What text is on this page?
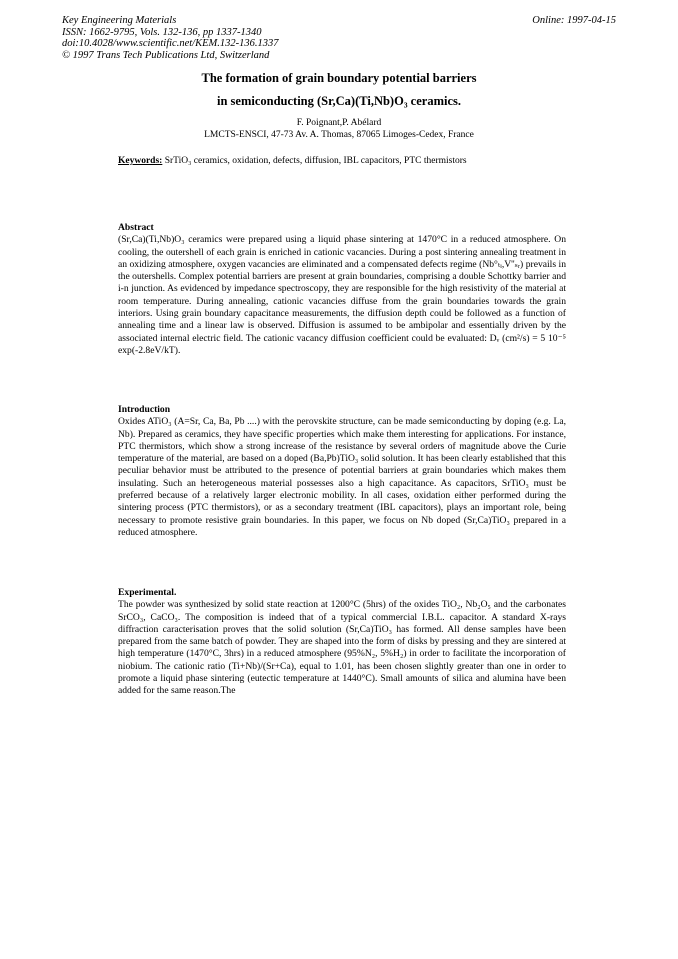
Key Engineering Materials
ISSN: 1662-9795, Vols. 132-136, pp 1337-1340
doi:10.4028/www.scientific.net/KEM.132-136.1337
© 1997 Trans Tech Publications Ltd, Switzerland
Online: 1997-04-15
The formation of grain boundary potential barriers
in semiconducting (Sr,Ca)(Ti,Nb)O₃ ceramics.
F. Poignant,P. Abélard
LMCTS-ENSCI, 47-73 Av. A. Thomas, 87065 Limoges-Cedex, France
Keywords: SrTiO₃ ceramics, oxidation, defects, diffusion, IBL capacitors, PTC thermistors
Abstract

(Sr,Ca)(Ti,Nb)O₃ ceramics were prepared using a liquid phase sintering at 1470°C in a reduced atmosphere. On cooling, the outershell of each grain is enriched in cationic vacancies. During a post sintering annealing treatment in an oxidizing atmosphere, oxygen vacancies are eliminated and a compensated defects regime (Nb°ₜᵢ,V''ₛᵣ) prevails in the outershells. Complex potential barriers are present at grain boundaries, comprising a double Schottky barrier and i-n junction. As evidenced by impedance spectroscopy, they are responsible for the high resistivity of the material at room temperature. During annealing, cationic vacancies diffuse from the grain boundaries towards the grain interiors. Using grain boundary capacitance measurements, the diffusion depth could be followed as a function of annealing time and a linear law is observed. Diffusion is assumed to be ambipolar and essentially driven by the associated internal electric field. The cationic vacancy diffusion coefficient could be evaluated: Dᵥ (cm²/s) = 5 10⁻⁵ exp(-2.8eV/kT).

Introduction

Oxides ATiO₃ (A=Sr, Ca, Ba, Pb ....) with the perovskite structure, can be made semiconducting by doping (e.g. La, Nb). Prepared as ceramics, they have specific properties which make them interesting for applications. For instance, PTC thermistors, which show a strong increase of the resistance by several orders of magnitude above the Curie temperature of the material, are based on a doped (Ba,Pb)TiO₃ solid solution. It has been clearly established that this peculiar behavior must be attributed to the presence of potential barriers at grain boundaries which makes them insulating. Such an heterogeneous material possesses also a high capacitance. As capacitors, SrTiO₃ must be preferred because of a relatively larger electronic mobility. In all cases, oxidation either performed during the sintering process (PTC thermistors), or as a secondary treatment (IBL capacitors), plays an important role, being necessary to promote resistive grain boundaries. In this paper, we focus on Nb doped (Sr,Ca)TiO₃ prepared in a reduced atmosphere.

Experimental.

The powder was synthesized by solid state reaction at 1200°C (5hrs) of the oxides TiO₂, Nb₂O₅ and the carbonates SrCO₃, CaCO₃. The composition is indeed that of a typical commercial I.B.L. capacitor. A standard X-rays diffraction caracterisation proves that the solid solution (Sr,Ca)TiO₃ has formed. All dense samples have been prepared from the same batch of powder. They are shaped into the form of disks by pressing and they are sintered at high temperature (1470°C, 3hrs) in a reduced atmosphere (95%N₂, 5%H₂) in order to facilitate the incorporation of niobium. The cationic ratio (Ti+Nb)/(Sr+Ca), equal to 1.01, has been chosen slightly greater than one in order to promote a liquid phase sintering (eutectic temperature at 1440°C). Small amounts of silica and alumina have been added for the same reason.The
